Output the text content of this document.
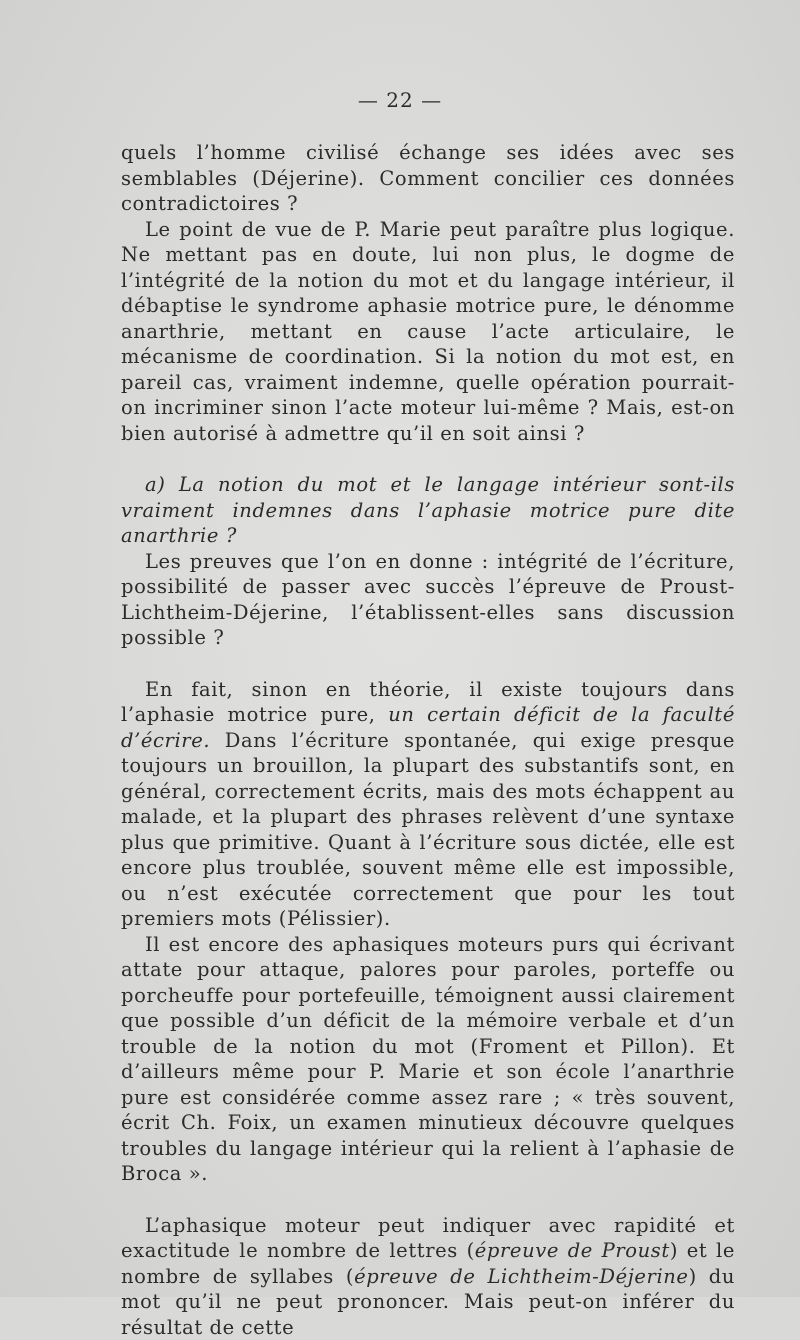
— 22 —

quels l’homme civilisé échange ses idées avec ses semblables (Déjerine). Comment concilier ces données contradictoires ?

Le point de vue de P. Marie peut paraître plus logique. Ne mettant pas en doute, lui non plus, le dogme de l’intégrité de la notion du mot et du langage intérieur, il débaptise le syndrome aphasie motrice pure, le dénomme anarthrie, mettant en cause l’acte articulaire, le mécanisme de coordination. Si la notion du mot est, en pareil cas, vraiment indemne, quelle opération pourrait-on incriminer sinon l’acte moteur lui-même ? Mais, est-on bien autorisé à admettre qu’il en soit ainsi ?

a) La notion du mot et le langage intérieur sont-ils vraiment indemnes dans l’aphasie motrice pure dite anarthrie ?

Les preuves que l’on en donne : intégrité de l’écriture, possibilité de passer avec succès l’épreuve de Proust-Lichtheim-Déjerine, l’établissent-elles sans discussion possible ?

En fait, sinon en théorie, il existe toujours dans l’aphasie motrice pure, un certain déficit de la faculté d’écrire. Dans l’écriture spontanée, qui exige presque toujours un brouillon, la plupart des substantifs sont, en général, correctement écrits, mais des mots échappent au malade, et la plupart des phrases relèvent d’une syntaxe plus que primitive. Quant à l’écriture sous dictée, elle est encore plus troublée, souvent même elle est impossible, ou n’est exécutée correctement que pour les tout premiers mots (Pélissier).

Il est encore des aphasiques moteurs purs qui écrivant attate pour attaque, palores pour paroles, porteffe ou porcheuffe pour portefeuille, témoignent aussi clairement que possible d’un déficit de la mémoire verbale et d’un trouble de la notion du mot (Froment et Pillon). Et d’ailleurs même pour P. Marie et son école l’anarthrie pure est considérée comme assez rare ; « très souvent, écrit Ch. Foix, un examen minutieux découvre quelques troubles du langage intérieur qui la relient à l’aphasie de Broca ».

L’aphasique moteur peut indiquer avec rapidité et exactitude le nombre de lettres (épreuve de Proust) et le nombre de syllabes (épreuve de Lichtheim-Déjerine) du mot qu’il ne peut prononcer. Mais peut-on inférer du résultat de cette
